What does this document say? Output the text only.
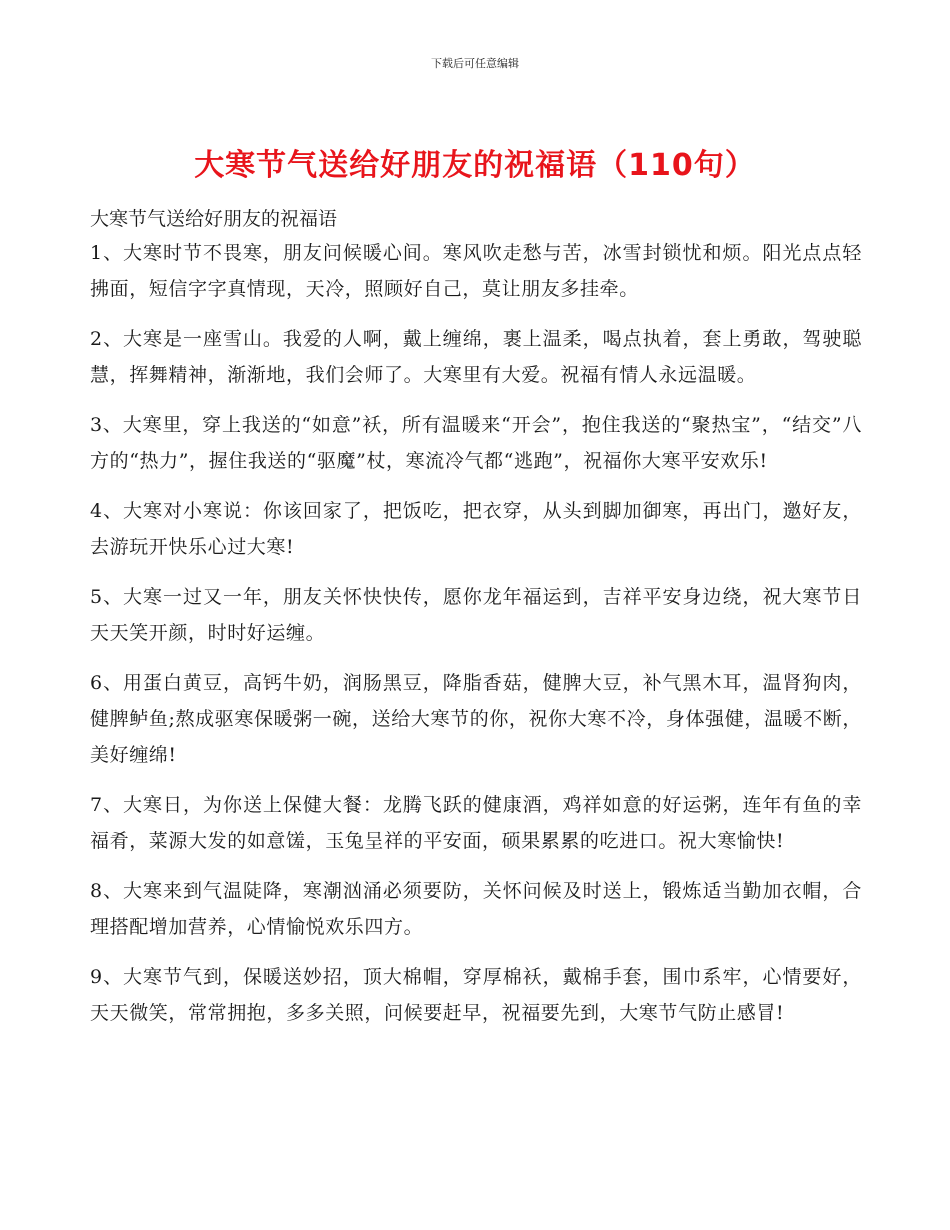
下载后可任意编辑
大寒节气送给好朋友的祝福语（110句）

大寒节气送给好朋友的祝福语

1、大寒时节不畏寒，朋友问候暖心间。寒风吹走愁与苦，冰雪封锁忧和烦。阳光点点轻拂面，短信字字真情现，天冷，照顾好自己，莫让朋友多挂牵。

2、大寒是一座雪山。我爱的人啊，戴上缠绵，裹上温柔，喝点执着，套上勇敢，驾驶聪慧，挥舞精神，渐渐地，我们会师了。大寒里有大爱。祝福有情人永远温暖。

3、大寒里，穿上我送的“如意”袄，所有温暖来“开会”，抱住我送的“聚热宝”，“结交”八方的“热力”，握住我送的“驱魔”杖，寒流冷气都“逃跑”，祝福你大寒平安欢乐!

4、大寒对小寒说：你该回家了，把饭吃，把衣穿，从头到脚加御寒，再出门，邀好友，去游玩开快乐心过大寒!

5、大寒一过又一年，朋友关怀快快传，愿你龙年福运到，吉祥平安身边绕，祝大寒节日天天笑开颜，时时好运缠。

6、用蛋白黄豆，高钙牛奶，润肠黑豆，降脂香菇，健脾大豆，补气黑木耳，温肾狗肉，健脾鲈鱼;熬成驱寒保暖粥一碗，送给大寒节的你，祝你大寒不冷，身体强健，温暖不断，美好缠绵!

7、大寒日，为你送上保健大餐：龙腾飞跃的健康酒，鸡祥如意的好运粥，连年有鱼的幸福肴，菜源大发的如意馐，玉兔呈祥的平安面，硕果累累的吃进口。祝大寒愉快!

8、大寒来到气温陡降，寒潮汹涌必须要防，关怀问候及时送上，锻炼适当勤加衣帽，合理搭配增加营养，心情愉悦欢乐四方。

9、大寒节气到，保暖送妙招，顶大棉帽，穿厚棉袄，戴棉手套，围巾系牢，心情要好，天天微笑，常常拥抱，多多关照，问候要赶早，祝福要先到，大寒节气防止感冒!
